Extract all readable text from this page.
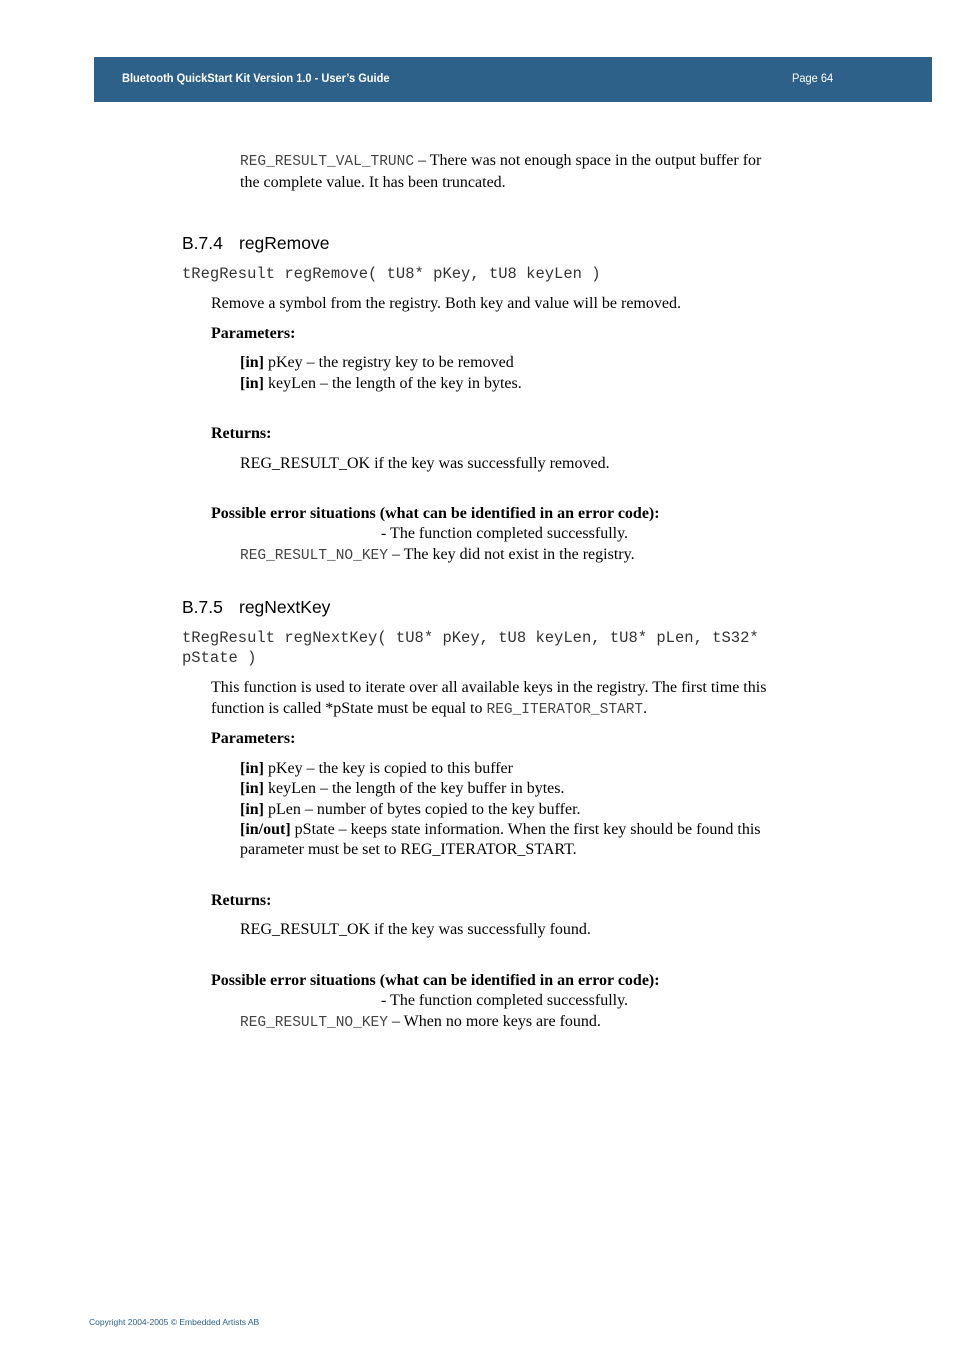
Bluetooth QuickStart Kit Version 1.0 - User’s Guide	Page 64
REG_RESULT_VAL_TRUNC – There was not enough space in the output buffer for
the complete value. It has been truncated.
B.7.4 regRemove
tRegResult regRemove( tU8* pKey, tU8 keyLen )
Remove a symbol from the registry. Both key and value will be removed.
Parameters:
[in] pKey – the registry key to be removed
[in] keyLen – the length of the key in bytes.
Returns:
REG_RESULT_OK if the key was successfully removed.
Possible error situations (what can be identified in an error code):
- The function completed successfully.
REG_RESULT_NO_KEY – The key did not exist in the registry.
B.7.5 regNextKey
tRegResult regNextKey( tU8* pKey, tU8 keyLen, tU8* pLen, tS32*
pState )
This function is used to iterate over all available keys in the registry. The first time this
function is called *pState must be equal to REG_ITERATOR_START.
Parameters:
[in] pKey – the key is copied to this buffer
[in] keyLen – the length of the key buffer in bytes.
[in] pLen – number of bytes copied to the key buffer.
[in/out] pState – keeps state information. When the first key should be found this
parameter must be set to REG_ITERATOR_START.
Returns:
REG_RESULT_OK if the key was successfully found.
Possible error situations (what can be identified in an error code):
- The function completed successfully.
REG_RESULT_NO_KEY – When no more keys are found.
Copyright 2004-2005 © Embedded Artists AB
